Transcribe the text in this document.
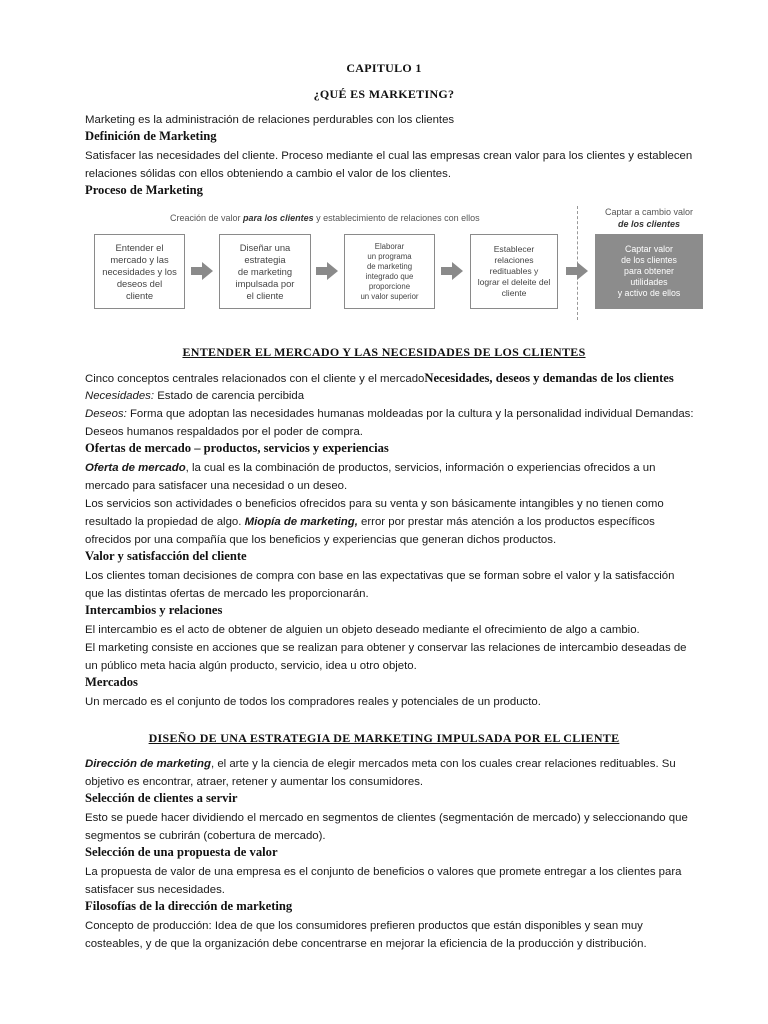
CAPITULO 1
¿QUÉ ES MARKETING?
Marketing es la administración de relaciones perdurables con los clientes
Definición de Marketing
Satisfacer las necesidades del cliente. Proceso mediante el cual las empresas crean valor para los clientes y establecen
relaciones sólidas con ellos obteniendo a cambio el valor de los clientes.
Proceso de Marketing
Creación de valor para los clientes y establecimiento de relaciones con ellos
Captar a cambio valor
de los clientes
Entender el
mercado y las
necesidades y los
deseos del
cliente
Diseñar una
estrategia
de marketing
impulsada por
el cliente
Elaborar
un programa
de marketing
integrado que
proporcione
un valor superior
Establecer
relaciones
redituables y
lograr el deleite del
cliente
Captar valor
de los clientes
para obtener
utilidades
y activo de ellos
ENTENDER EL MERCADO Y LAS NECESIDADES DE LOS CLIENTES
Cinco conceptos centrales relacionados con el cliente y el mercadoNecesidades, deseos y demandas de los clientes
Necesidades: Estado de carencia percibida
Deseos: Forma que adoptan las necesidades humanas moldeadas por la cultura y la personalidad individual Demandas:
Deseos humanos respaldados por el poder de compra.
Ofertas de mercado – productos, servicios y experiencias
Oferta de mercado, la cual es la combinación de productos, servicios, información o experiencias ofrecidos a un
mercado para satisfacer una necesidad o un deseo.
Los servicios son actividades o beneficios ofrecidos para su venta y son básicamente intangibles y no tienen como
resultado la propiedad de algo. Miopía de marketing, error por prestar más atención a los productos específicos
ofrecidos por una compañía que los beneficios y experiencias que generan dichos productos.
Valor y satisfacción del cliente
Los clientes toman decisiones de compra con base en las expectativas que se forman sobre el valor y la satisfacción
que las distintas ofertas de mercado les proporcionarán.
Intercambios y relaciones
El intercambio es el acto de obtener de alguien un objeto deseado mediante el ofrecimiento de algo a cambio.
El marketing consiste en acciones que se realizan para obtener y conservar las relaciones de intercambio deseadas de
un público meta hacia algún producto, servicio, idea u otro objeto.
Mercados
Un mercado es el conjunto de todos los compradores reales y potenciales de un producto.
DISEÑO DE UNA ESTRATEGIA DE MARKETING IMPULSADA POR EL CLIENTE
Dirección de marketing, el arte y la ciencia de elegir mercados meta con los cuales crear relaciones redituables. Su
objetivo es encontrar, atraer, retener y aumentar los consumidores.
Selección de clientes a servir
Esto se puede hacer dividiendo el mercado en segmentos de clientes (segmentación de mercado) y seleccionando que
segmentos se cubrirán (cobertura de mercado).
Selección de una propuesta de valor
La propuesta de valor de una empresa es el conjunto de beneficios o valores que promete entregar a los clientes para
satisfacer sus necesidades.
Filosofías de la dirección de marketing
Concepto de producción: Idea de que los consumidores prefieren productos que están disponibles y sean muy
costeables, y de que la organización debe concentrarse en mejorar la eficiencia de la producción y distribución.
